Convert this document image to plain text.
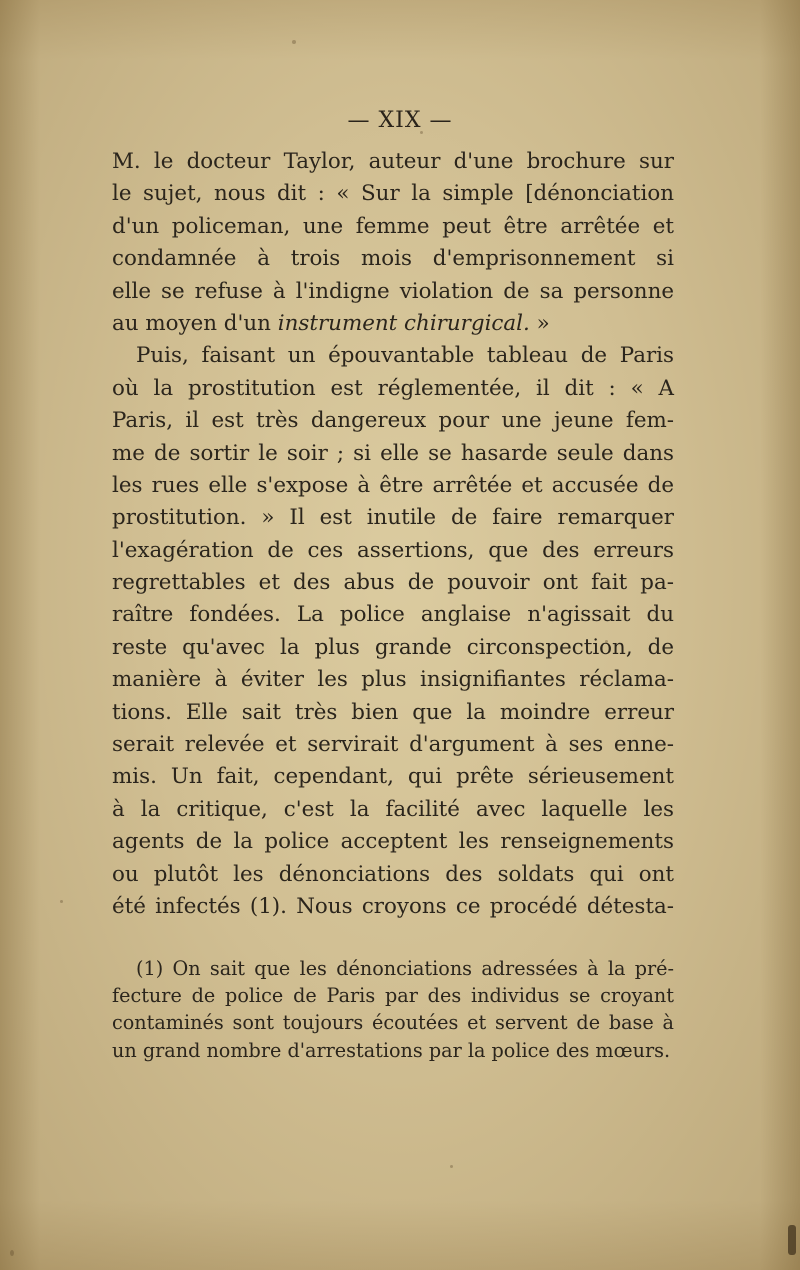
— XIX —
M. le docteur Taylor, auteur d'une brochure sur
le sujet, nous dit : « Sur la simple [dénonciation
d'un policeman, une femme peut être arrêtée et
condamnée à trois mois d'emprisonnement si
elle se refuse à l'indigne violation de sa personne
au moyen d'un instrument chirurgical. »
Puis, faisant un épouvantable tableau de Paris
où la prostitution est réglementée, il dit : « A
Paris, il est très dangereux pour une jeune fem-
me de sortir le soir ; si elle se hasarde seule dans
les rues elle s'expose à être arrêtée et accusée de
prostitution. » Il est inutile de faire remarquer
l'exagération de ces assertions, que des erreurs
regrettables et des abus de pouvoir ont fait pa-
raître fondées. La police anglaise n'agissait du
reste qu'avec la plus grande circonspection, de
manière à éviter les plus insignifiantes réclama-
tions. Elle sait très bien que la moindre erreur
serait relevée et servirait d'argument à ses enne-
mis. Un fait, cependant, qui prête sérieusement
à la critique, c'est la facilité avec laquelle les
agents de la police acceptent les renseignements
ou plutôt les dénonciations des soldats qui ont
été infectés (1). Nous croyons ce procédé détesta-
(1) On sait que les dénonciations adressées à la pré-
fecture de police de Paris par des individus se croyant
contaminés sont toujours écoutées et servent de base à
un grand nombre d'arrestations par la police des mœurs.
